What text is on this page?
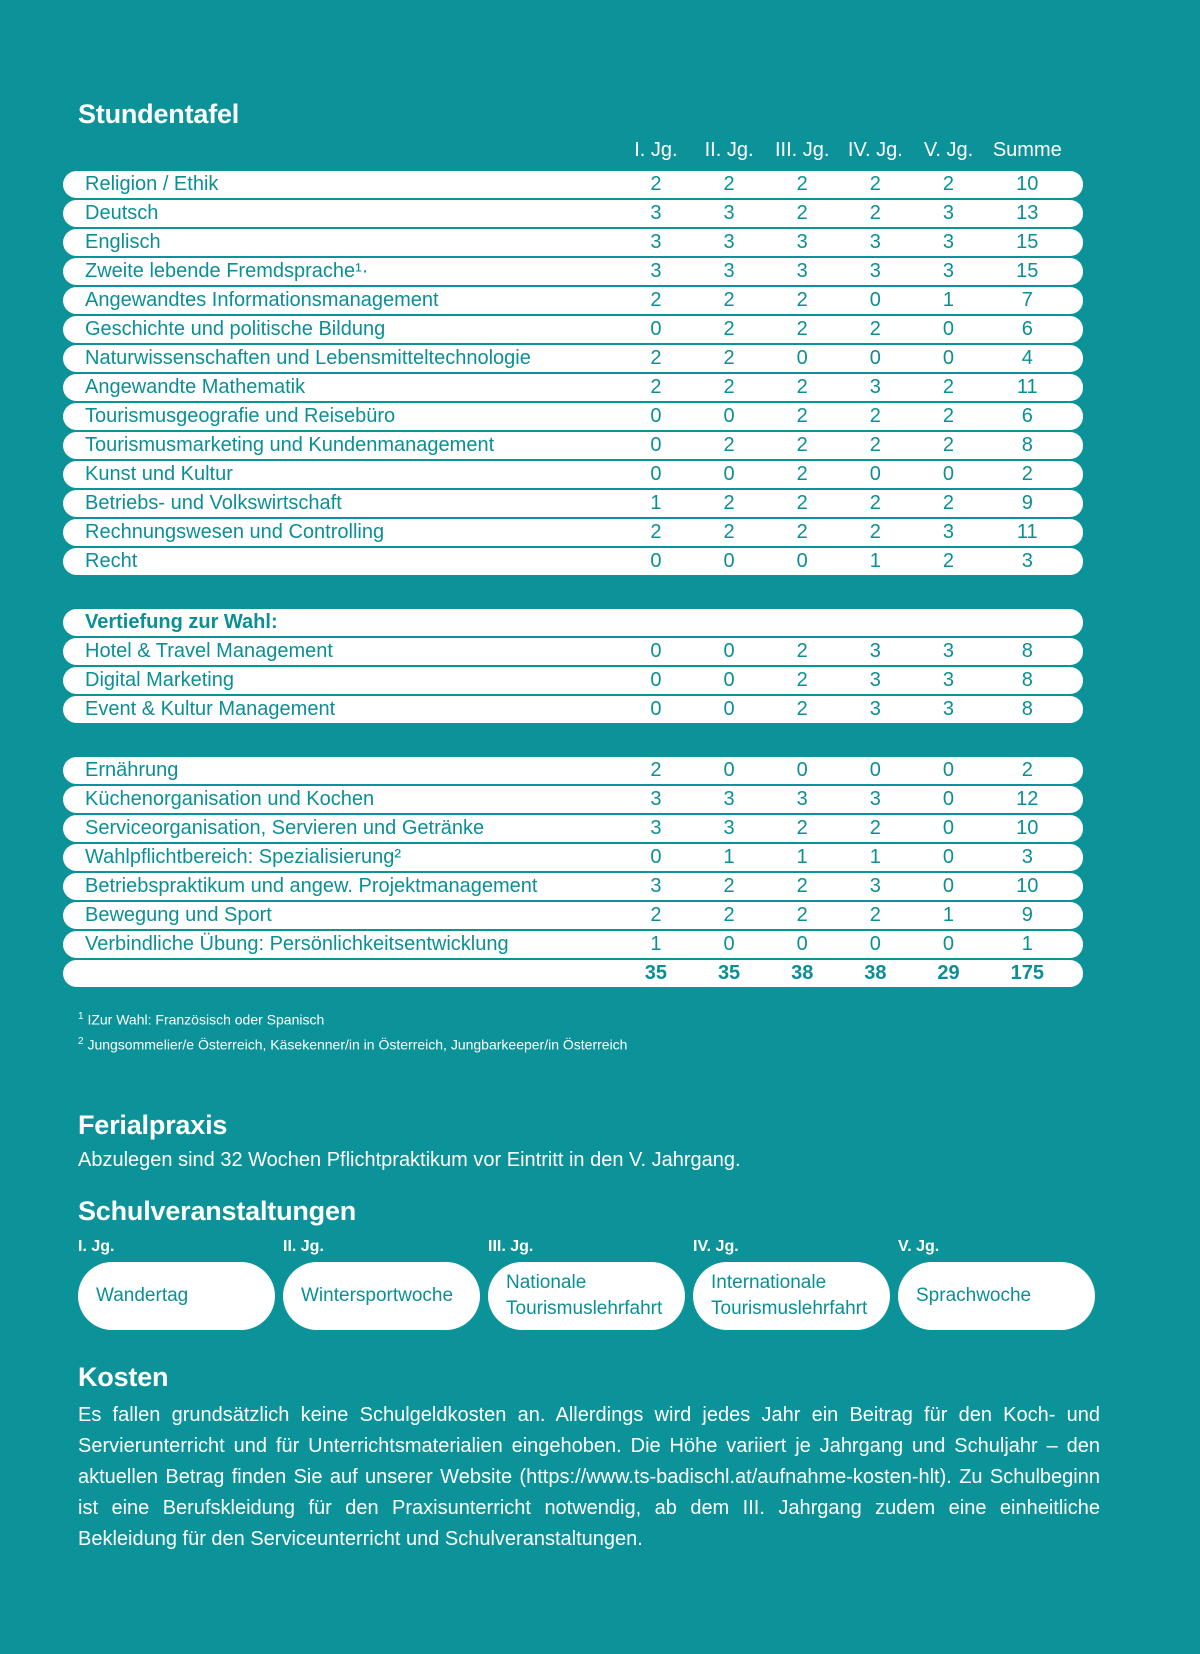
Stundentafel
	I. Jg.	II. Jg.	III. Jg.	IV. Jg.	V. Jg.	Summe	
Religion / Ethik	2	2	2	2	2	10	
Deutsch	3	3	2	2	3	13	
Englisch	3	3	3	3	3	15	
Zweite lebende Fremdsprache¹·	3	3	3	3	3	15	
Angewandtes Informationsmanagement	2	2	2	0	1	7	
Geschichte und politische Bildung	0	2	2	2	0	6	
Naturwissenschaften und Lebensmitteltechnologie	2	2	0	0	0	4	
Angewandte Mathematik	2	2	2	3	2	11	
Tourismusgeografie und Reisebüro	0	0	2	2	2	6	
Tourismusmarketing und Kundenmanagement	0	2	2	2	2	8	
Kunst und Kultur	0	0	2	0	0	2	
Betriebs- und Volkswirtschaft	1	2	2	2	2	9	
Rechnungswesen und Controlling	2	2	2	2	3	11	
Recht	0	0	0	1	2	3	

Vertiefung zur Wahl:							
Hotel & Travel Management	0	0	2	3	3	8	
Digital Marketing	0	0	2	3	3	8	
Event & Kultur Management	0	0	2	3	3	8	

Ernährung	2	0	0	0	0	2	
Küchenorganisation und Kochen	3	3	3	3	0	12	
Serviceorganisation, Servieren und Getränke	3	3	2	2	0	10	
Wahlpflichtbereich: Spezialisierung²	0	1	1	1	0	3	
Betriebspraktikum und angew. Projektmanagement	3	2	2	3	0	10	
Bewegung und Sport	2	2	2	2	1	9	
Verbindliche Übung: Persönlichkeitsentwicklung	1	0	0	0	0	1	
	35	35	38	38	29	175	
$^1$ IZur Wahl: Französisch oder Spanisch
$^2$ Jungsommelier/e Österreich, Käsekenner/in in Österreich, Jungbarkeeper/in Österreich
Ferialpraxis
Abzulegen sind 32 Wochen Pflichtpraktikum vor Eintritt in den V. Jahrgang.
Schulveranstaltungen
I. Jg.	II. Jg.	III. Jg.	IV. Jg.	V. Jg.
Wandertag	Wintersportwoche
Nationale
Tourismuslehrfahrt
Internationale
Tourismuslehrfahrt
Sprachwoche
Kosten
Es fallen grundsätzlich keine Schulgeldkosten an. Allerdings wird jedes Jahr ein Beitrag für den Koch- und Servierunterricht und für Unterrichtsmaterialien eingehoben. Die Höhe variiert je Jahrgang und Schuljahr – den aktuellen Betrag finden Sie auf unserer Website (https://www.ts-badischl.at/aufnahme-kosten-hlt). Zu Schulbeginn ist eine Berufskleidung für den Praxisunterricht notwendig, ab dem III. Jahrgang zudem eine einheitliche Bekleidung für den Serviceunterricht und Schulveranstaltungen.
